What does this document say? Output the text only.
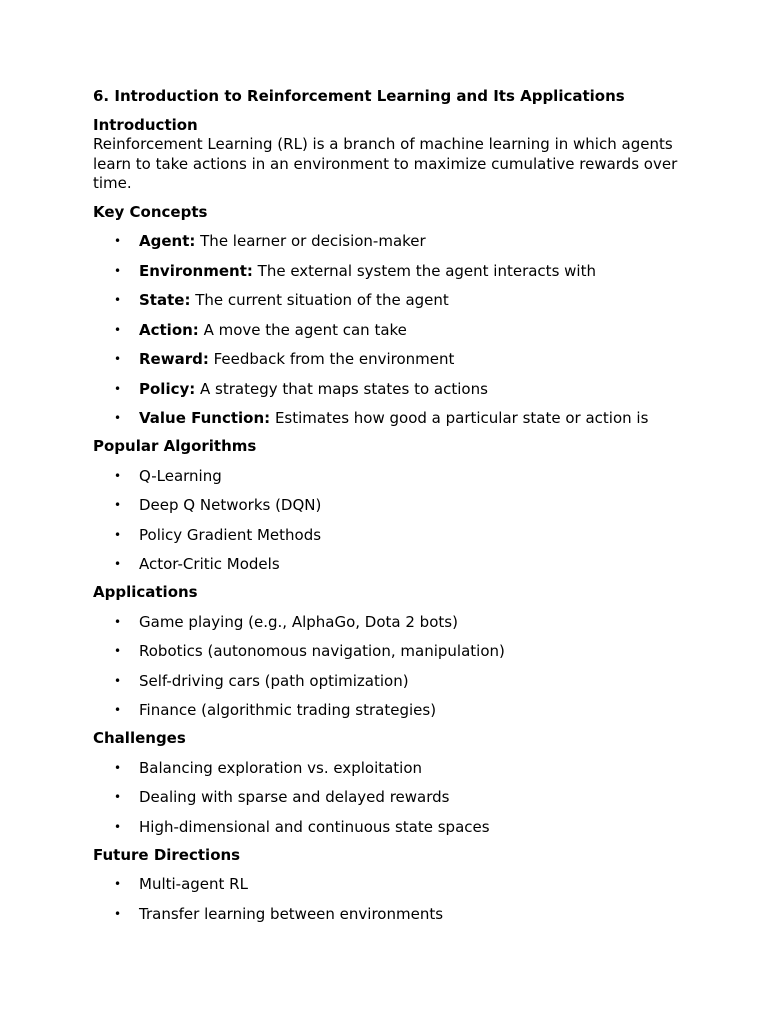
6. Introduction to Reinforcement Learning and Its Applications
Introduction

Reinforcement Learning (RL) is a branch of machine learning in which agents learn to take actions in an environment to maximize cumulative rewards over time.

Key Concepts
• Agent: The learner or decision-maker
• Environment: The external system the agent interacts with
• State: The current situation of the agent
• Action: A move the agent can take
• Reward: Feedback from the environment
• Policy: A strategy that maps states to actions
• Value Function: Estimates how good a particular state or action is
Popular Algorithms
• Q-Learning
• Deep Q Networks (DQN)
• Policy Gradient Methods
• Actor-Critic Models
Applications
• Game playing (e.g., AlphaGo, Dota 2 bots)
• Robotics (autonomous navigation, manipulation)
• Self-driving cars (path optimization)
• Finance (algorithmic trading strategies)
Challenges
• Balancing exploration vs. exploitation
• Dealing with sparse and delayed rewards
• High-dimensional and continuous state spaces
Future Directions
• Multi-agent RL
• Transfer learning between environments
